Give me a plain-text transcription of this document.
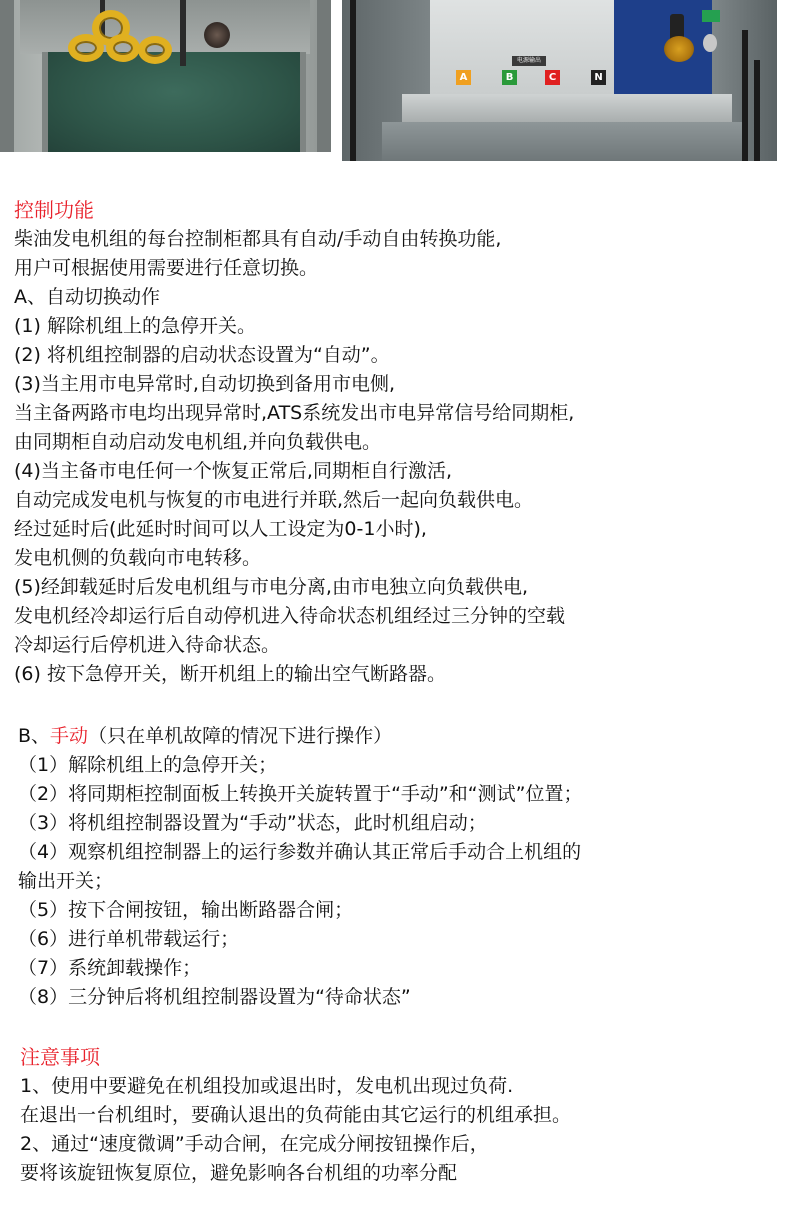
电源输出
A	B	C	N
控制功能
柴油发电机组的每台控制柜都具有自动/手动自由转换功能,
用户可根据使用需要进行任意切换。
A、自动切换动作
(1) 解除机组上的急停开关。
(2) 将机组控制器的启动状态设置为“自动”。
(3)当主用市电异常时,自动切换到备用市电侧,
当主备两路市电均出现异常时,ATS系统发出市电异常信号给同期柜,
由同期柜自动启动发电机组,并向负载供电。
(4)当主备市电任何一个恢复正常后,同期柜自行激活,
自动完成发电机与恢复的市电进行并联,然后一起向负载供电。
经过延时后(此延时时间可以人工设定为0-1小时),
发电机侧的负载向市电转移。
(5)经卸载延时后发电机组与市电分离,由市电独立向负载供电,
发电机经冷却运行后自动停机进入待命状态机组经过三分钟的空载
冷却运行后停机进入待命状态。
(6) 按下急停开关，断开机组上的输出空气断路器。
B、手动（只在单机故障的情况下进行操作）
（1）解除机组上的急停开关；
（2）将同期柜控制面板上转换开关旋转置于“手动”和“测试”位置；
（3）将机组控制器设置为“手动”状态，此时机组启动；
（4）观察机组控制器上的运行参数并确认其正常后手动合上机组的
输出开关；
（5）按下合闸按钮，输出断路器合闸；
（6）进行单机带载运行；
（7）系统卸载操作；
（8）三分钟后将机组控制器设置为“待命状态”
注意事项
1、使用中要避免在机组投加或退出时，发电机出现过负荷.
在退出一台机组时，要确认退出的负荷能由其它运行的机组承担。
2、通过“速度微调”手动合闸，在完成分闸按钮操作后，
要将该旋钮恢复原位，避免影响各台机组的功率分配
